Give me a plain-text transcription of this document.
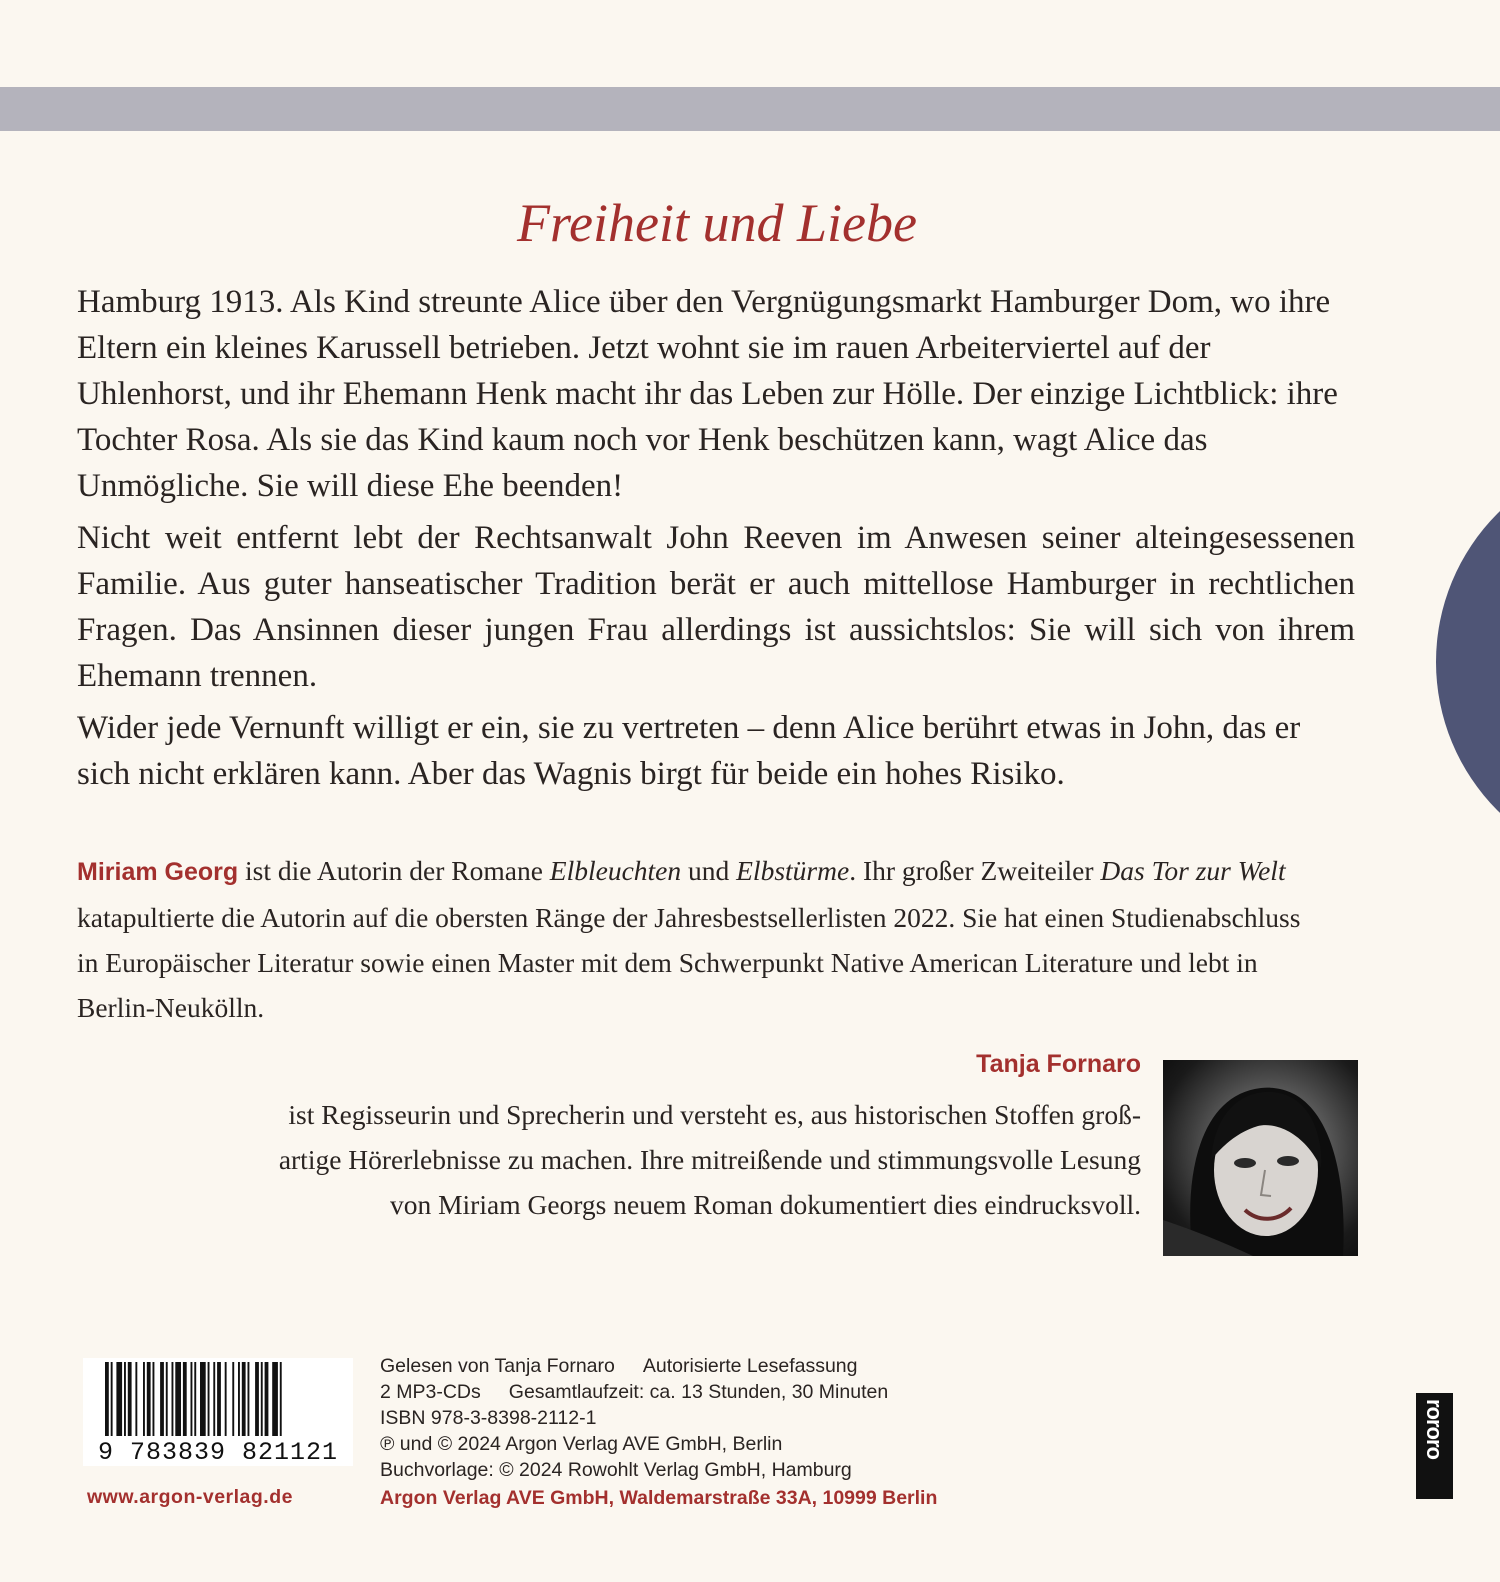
Freiheit und Liebe

Hamburg 1913. Als Kind streunte Alice über den Vergnügungsmarkt Hamburger Dom, wo ihre Eltern ein kleines Karussell betrieben. Jetzt wohnt sie im rauen Arbeiterviertel auf der Uhlenhorst, und ihr Ehemann Henk macht ihr das Leben zur Hölle. Der einzige Lichtblick: ihre Tochter Rosa. Als sie das Kind kaum noch vor Henk beschützen kann, wagt Alice das Unmögliche. Sie will diese Ehe beenden!

Nicht weit entfernt lebt der Rechtsanwalt John Reeven im Anwesen seiner alteingesessenen Familie. Aus guter hanseatischer Tradition berät er auch mittellose Hamburger in rechtlichen Fragen. Das Ansinnen dieser jungen Frau allerdings ist aussichtslos: Sie will sich von ihrem Ehemann trennen.

Wider jede Vernunft willigt er ein, sie zu vertreten – denn Alice berührt etwas in John, das er sich nicht erklären kann. Aber das Wagnis birgt für beide ein hohes Risiko.

Miriam Georg ist die Autorin der Romane Elbleuchten und Elbstürme. Ihr großer Zweiteiler Das Tor zur Welt katapultierte die Autorin auf die obersten Ränge der Jahresbestsellerlisten 2022. Sie hat einen Studienabschluss in Europäischer Literatur sowie einen Master mit dem Schwerpunkt Native American Literature und lebt in Berlin-Neukölln.
Tanja Fornaro
ist Regisseurin und Sprecherin und versteht es, aus historischen Stoffen groß-
artige Hörerlebnisse zu machen. Ihre mitreißende und stimmungsvolle Lesung
von Miriam Georgs neuem Roman dokumentiert dies eindrucksvoll.
9 783839 821121
www.argon-verlag.de
Gelesen von Tanja Fornaro Autorisierte Lesefassung
2 MP3-CDs Gesamtlaufzeit: ca. 13 Stunden, 30 Minuten
ISBN 978-3-8398-2112-1
℗ und © 2024 Argon Verlag AVE GmbH, Berlin
Buchvorlage: © 2024 Rowohlt Verlag GmbH, Hamburg
Argon Verlag AVE GmbH, Waldemarstraße 33A, 10999 Berlin
rororo
